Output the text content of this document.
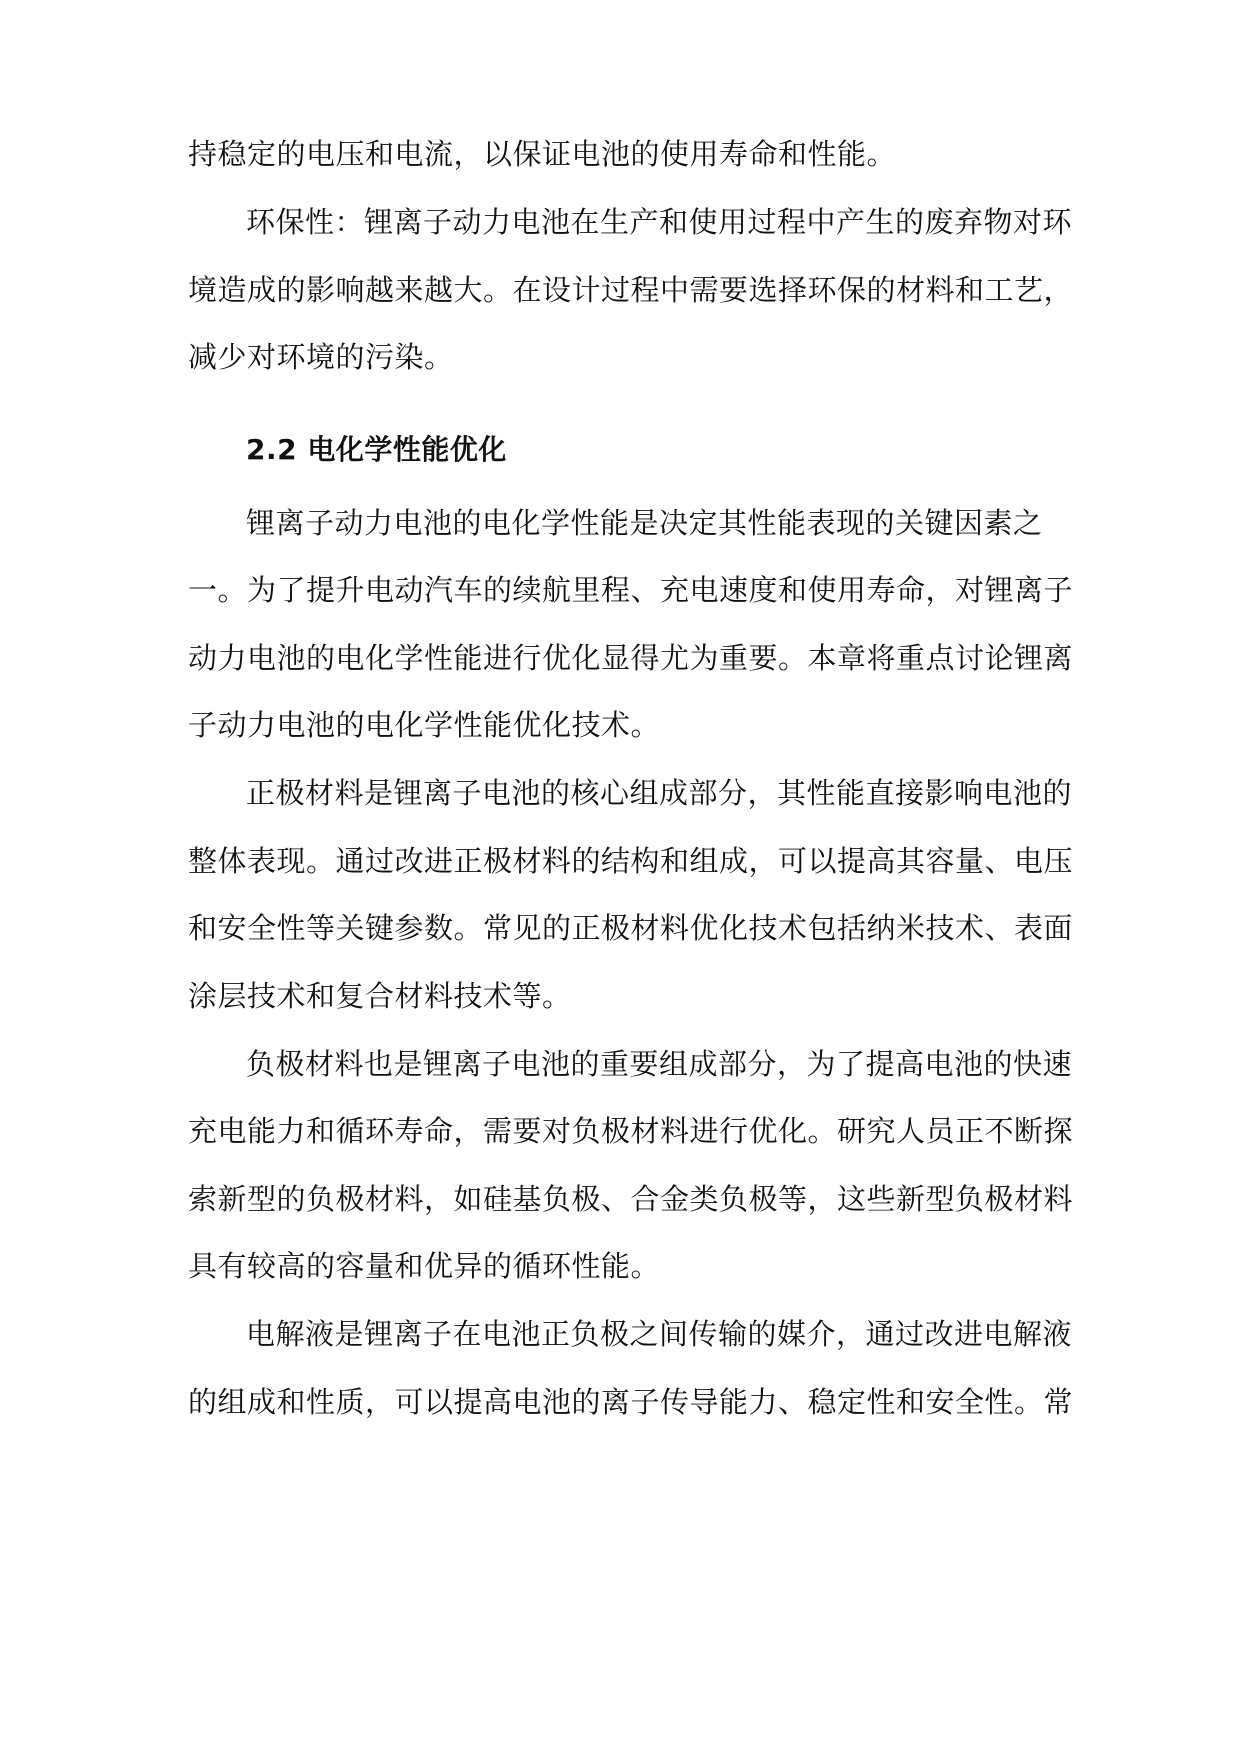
持稳定的电压和电流，以保证电池的使用寿命和性能。
环保性：锂离子动力电池在生产和使用过程中产生的废弃物对环
境造成的影响越来越大。在设计过程中需要选择环保的材料和工艺，
减少对环境的污染。
2.2 电化学性能优化
锂离子动力电池的电化学性能是决定其性能表现的关键因素之
一。为了提升电动汽车的续航里程、充电速度和使用寿命，对锂离子
动力电池的电化学性能进行优化显得尤为重要。本章将重点讨论锂离
子动力电池的电化学性能优化技术。
正极材料是锂离子电池的核心组成部分，其性能直接影响电池的
整体表现。通过改进正极材料的结构和组成，可以提高其容量、电压
和安全性等关键参数。常见的正极材料优化技术包括纳米技术、表面
涂层技术和复合材料技术等。
负极材料也是锂离子电池的重要组成部分，为了提高电池的快速
充电能力和循环寿命，需要对负极材料进行优化。研究人员正不断探
索新型的负极材料，如硅基负极、合金类负极等，这些新型负极材料
具有较高的容量和优异的循环性能。
电解液是锂离子在电池正负极之间传输的媒介，通过改进电解液
的组成和性质，可以提高电池的离子传导能力、稳定性和安全性。常
